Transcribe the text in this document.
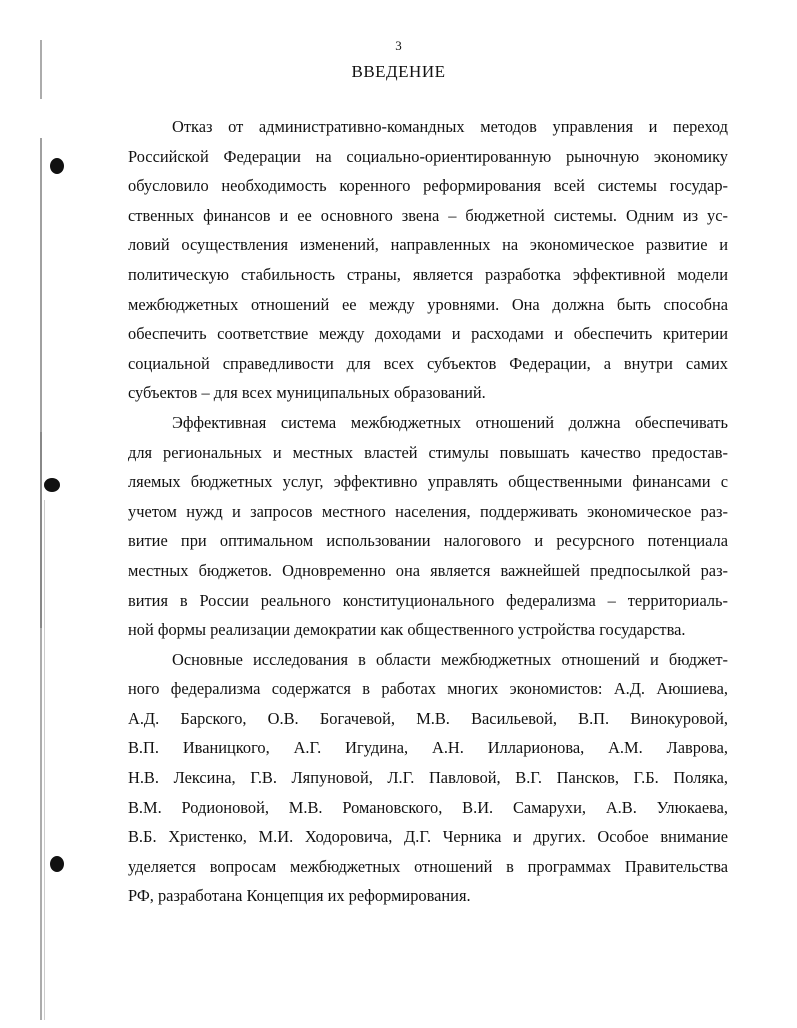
3
ВВЕДЕНИЕ

Отказ от административно-командных методов управления и переход
Российской Федерации на социально-ориентированную рыночную экономику
обусловило необходимость коренного реформирования всей системы государ-
ственных финансов и ее основного звена – бюджетной системы. Одним из ус-
ловий осуществления изменений, направленных на экономическое развитие и
политическую стабильность страны, является разработка эффективной модели
межбюджетных отношений ее между уровнями. Она должна быть способна
обеспечить соответствие между доходами и расходами и обеспечить критерии
социальной справедливости для всех субъектов Федерации, а внутри самих
субъектов – для всех муниципальных образований.

Эффективная система межбюджетных отношений должна обеспечивать
для региональных и местных властей стимулы повышать качество предостав-
ляемых бюджетных услуг, эффективно управлять общественными финансами с
учетом нужд и запросов местного населения, поддерживать экономическое раз-
витие при оптимальном использовании налогового и ресурсного потенциала
местных бюджетов. Одновременно она является важнейшей предпосылкой раз-
вития в России реального конституционального федерализма – территориаль-
ной формы реализации демократии как общественного устройства государства.

Основные исследования в области межбюджетных отношений и бюджет-
ного федерализма содержатся в работах многих экономистов: А.Д. Аюшиева,
А.Д. Барского, О.В. Богачевой, М.В. Васильевой, В.П. Винокуровой,
В.П. Иваницкого, А.Г. Игудина, А.Н. Илларионова, А.М. Лаврова,
Н.В. Лексина, Г.В. Ляпуновой, Л.Г. Павловой, В.Г. Пансков, Г.Б. Поляка,
В.М. Родионовой, М.В. Романовского, В.И. Самарухи, А.В. Улюкаева,
В.Б. Христенко, М.И. Ходоровича, Д.Г. Черника и других. Особое внимание
уделяется вопросам межбюджетных отношений в программах Правительства
РФ, разработана Концепция их реформирования.
